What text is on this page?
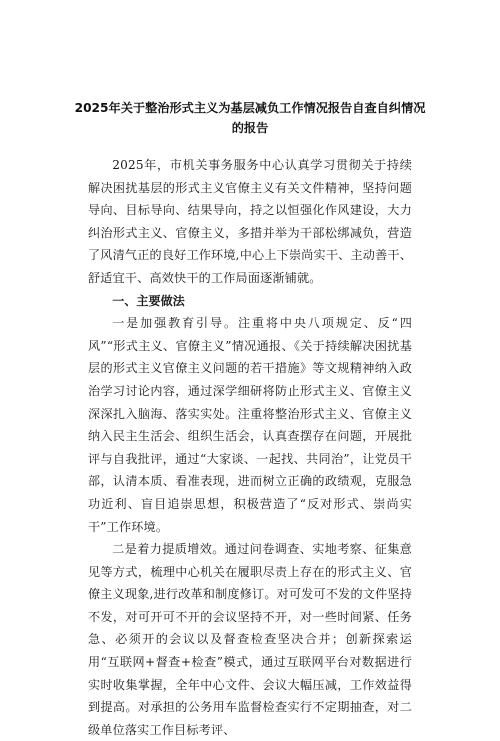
2025年关于整治形式主义为基层减负工作情况报告自查自纠情况
的报告

2025年，市机关事务服务中心认真学习贯彻关于持续解决困扰基层的形式主义官僚主义有关文件精神，坚持问题导向、目标导向、结果导向，持之以恒强化作风建设，大力纠治形式主义、官僚主义，多措并举为干部松绑减负，营造了风清气正的良好工作环境,中心上下崇尚实干、主动善干、舒适宜干、高效快干的工作局面逐渐铺就。

一、主要做法

一是加强教育引导。注重将中央八项规定、反“四风”“形式主义、官僚主义”情况通报、《关于持续解决困扰基层的形式主义官僚主义问题的若干措施》等文规精神纳入政治学习讨论内容，通过深学细研将防止形式主义、官僚主义深深扎入脑海、落实实处。注重将整治形式主义、官僚主义纳入民主生活会、组织生活会，认真查摆存在问题，开展批评与自我批评，通过“大家谈、一起找、共同治”，让党员干部，认清本质、看准表现，进而树立正确的政绩观，克服急功近利、盲目追崇思想，积极营造了“反对形式、崇尚实干”工作环境。

二是着力提质增效。通过问卷调查、实地考察、征集意见等方式，梳理中心机关在履职尽责上存在的形式主义、官僚主义现象,进行改革和制度修订。对可发可不发的文件坚持不发，对可开可不开的会议坚持不开，对一些时间紧、任务急、必须开的会议以及督查检查坚决合并；创新探索运用“互联网+督查+检查”模式，通过互联网平台对数据进行实时收集掌握，全年中心文件、会议大幅压减，工作效益得到提高。对承担的公务用车监督检查实行不定期抽查，对二级单位落实工作目标考评、
